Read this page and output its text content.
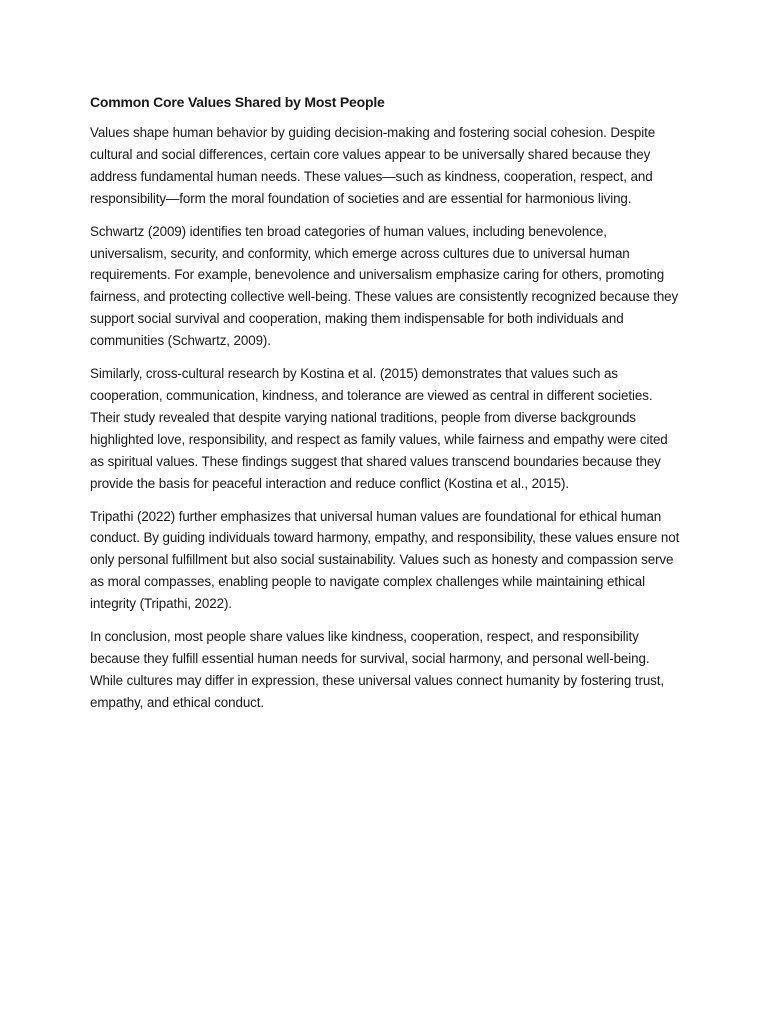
Common Core Values Shared by Most People

Values shape human behavior by guiding decision-making and fostering social cohesion. Despite cultural and social differences, certain core values appear to be universally shared because they address fundamental human needs. These values—such as kindness, cooperation, respect, and responsibility—form the moral foundation of societies and are essential for harmonious living.

Schwartz (2009) identifies ten broad categories of human values, including benevolence, universalism, security, and conformity, which emerge across cultures due to universal human requirements. For example, benevolence and universalism emphasize caring for others, promoting fairness, and protecting collective well-being. These values are consistently recognized because they support social survival and cooperation, making them indispensable for both individuals and communities (Schwartz, 2009).

Similarly, cross-cultural research by Kostina et al. (2015) demonstrates that values such as cooperation, communication, kindness, and tolerance are viewed as central in different societies. Their study revealed that despite varying national traditions, people from diverse backgrounds highlighted love, responsibility, and respect as family values, while fairness and empathy were cited as spiritual values. These findings suggest that shared values transcend boundaries because they provide the basis for peaceful interaction and reduce conflict (Kostina et al., 2015).

Tripathi (2022) further emphasizes that universal human values are foundational for ethical human conduct. By guiding individuals toward harmony, empathy, and responsibility, these values ensure not only personal fulfillment but also social sustainability. Values such as honesty and compassion serve as moral compasses, enabling people to navigate complex challenges while maintaining ethical integrity (Tripathi, 2022).

In conclusion, most people share values like kindness, cooperation, respect, and responsibility because they fulfill essential human needs for survival, social harmony, and personal well-being. While cultures may differ in expression, these universal values connect humanity by fostering trust, empathy, and ethical conduct.
